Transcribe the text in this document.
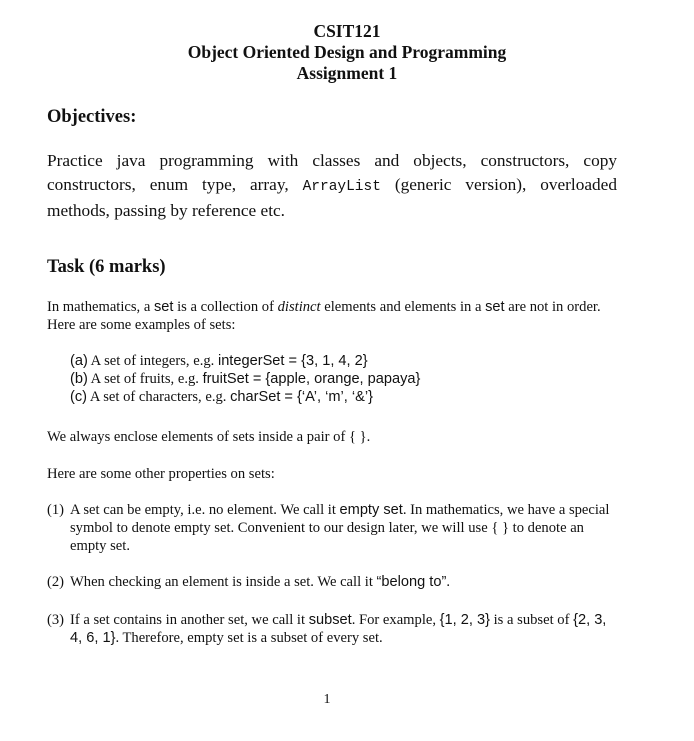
CSIT121
Object Oriented Design and Programming
Assignment 1
Objectives:
Practice java programming with classes and objects, constructors, copy constructors, enum type, array, ArrayList (generic version), overloaded methods, passing by reference etc.
Task (6 marks)
In mathematics, a set is a collection of distinct elements and elements in a set are not in order. Here are some examples of sets:
(a) A set of integers, e.g. integerSet = {3, 1, 4, 2}
(b) A set of fruits, e.g. fruitSet = {apple, orange, papaya}
(c) A set of characters, e.g. charSet = {‘A’, ‘m’, ‘&’}
We always enclose elements of sets inside a pair of { }.
Here are some other properties on sets:
(1) A set can be empty, i.e. no element. We call it empty set. In mathematics, we have a special symbol to denote empty set. Convenient to our design later, we will use { } to denote an empty set.
(2) When checking an element is inside a set. We call it “belong to”.
(3) If a set contains in another set, we call it subset. For example, {1, 2, 3} is a subset of {2, 3, 4, 6, 1}. Therefore, empty set is a subset of every set.
1
